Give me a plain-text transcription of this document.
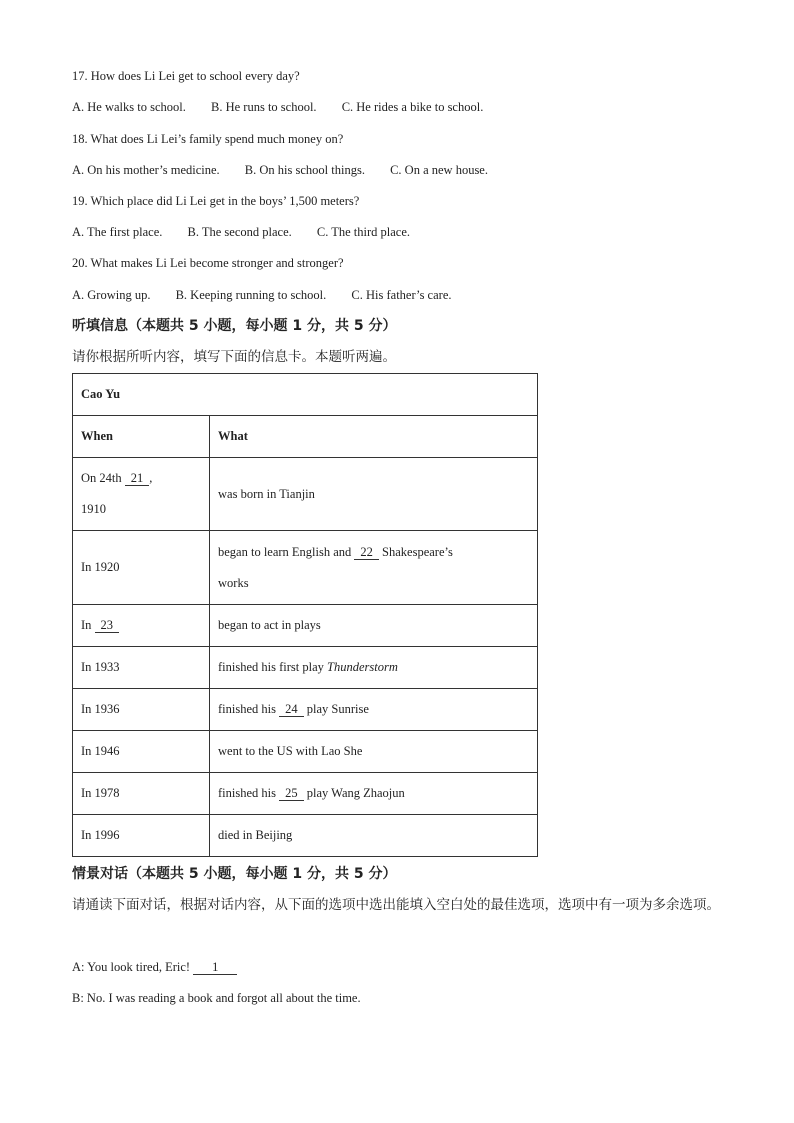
17. How does Li Lei get to school every day?
A. He walks to school. B. He runs to school. C. He rides a bike to school.
18. What does Li Lei’s family spend much money on?
A. On his mother’s medicine. B. On his school things. C. On a new house.
19. Which place did Li Lei get in the boys’ 1,500 meters?
A. The first place. B. The second place. C. The third place.
20. What makes Li Lei become stronger and stronger?
A. Growing up. B. Keeping running to school. C. His father’s care.
听填信息（本题共 5 小题，每小题 1 分，共 5 分）
请你根据所听内容，填写下面的信息卡。本题听两遍。
Cao Yu	
When	What
On 24th 21 ,
1910	was born in Tianjin
In 1920	began to learn English and 22 Shakespeare’s
works
In 23	began to act in plays
In 1933	finished his first play Thunderstorm
In 1936	finished his 24 play Sunrise
In 1946	went to the US with Lao She
In 1978	finished his 25 play Wang Zhaojun
In 1996	died in Beijing
情景对话（本题共 5 小题，每小题 1 分，共 5 分）
请通读下面对话，根据对话内容，从下面的选项中选出能填入空白处的最佳选项，选项中有一项为多余选项。
A: You look tired, Eric! 1
B: No. I was reading a book and forgot all about the time.
